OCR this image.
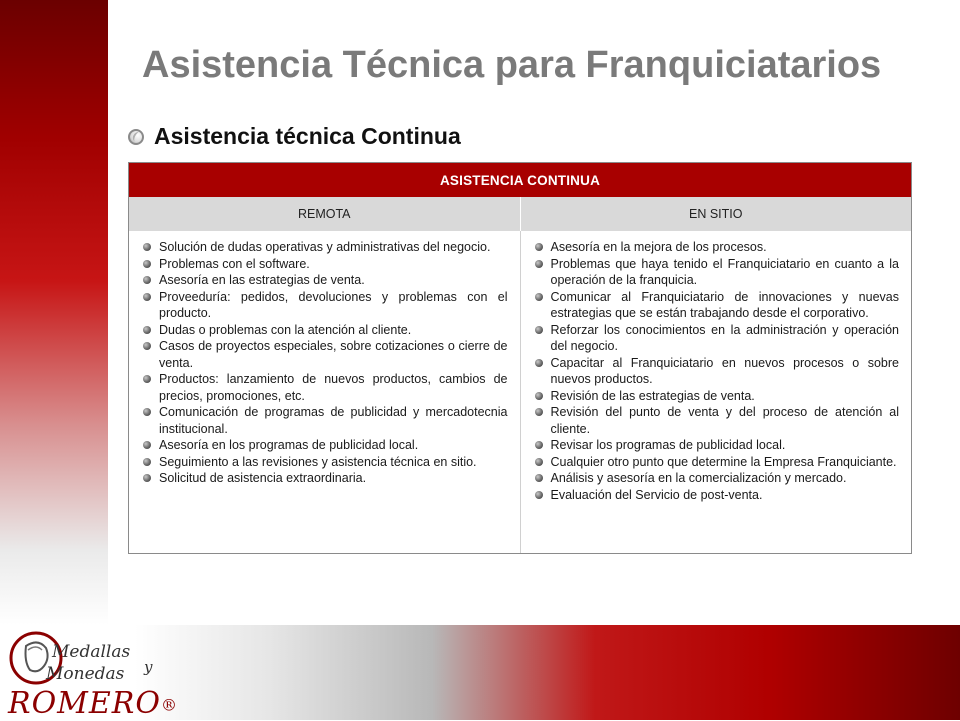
Asistencia Técnica para Franquiciatarios
Asistencia técnica Continua
ASISTENCIA CONTINUA
REMOTA	EN SITIO
Solución de dudas operativas y administrativas del negocio.
Problemas con el software.
Asesoría en las estrategias de venta.
Proveeduría: pedidos, devoluciones y problemas con el producto.
Dudas o problemas con la atención al cliente.
Casos de proyectos especiales, sobre cotizaciones o cierre de venta.
Productos: lanzamiento de nuevos productos, cambios de precios, promociones, etc.
Comunicación de programas de publicidad y mercadotecnia institucional.
Asesoría en los programas de publicidad local.
Seguimiento a las revisiones y asistencia técnica en sitio.
Solicitud de asistencia extraordinaria.
Asesoría en la mejora de los procesos.
Problemas que haya tenido el Franquiciatario en cuanto a la operación de la franquicia.
Comunicar al Franquiciatario de innovaciones y nuevas estrategias que se están trabajando desde el corporativo.
Reforzar los conocimientos en la administración y operación del negocio.
Capacitar al Franquiciatario en nuevos procesos o sobre nuevos productos.
Revisión de las estrategias de venta.
Revisión del punto de venta y del proceso de atención al cliente.
Revisar los programas de publicidad local.
Cualquier otro punto que determine la Empresa Franquiciante.
Análisis y asesoría en la comercialización y mercado.
Evaluación del Servicio de post-venta.
Medallas
y
Monedas
ROMERO®
